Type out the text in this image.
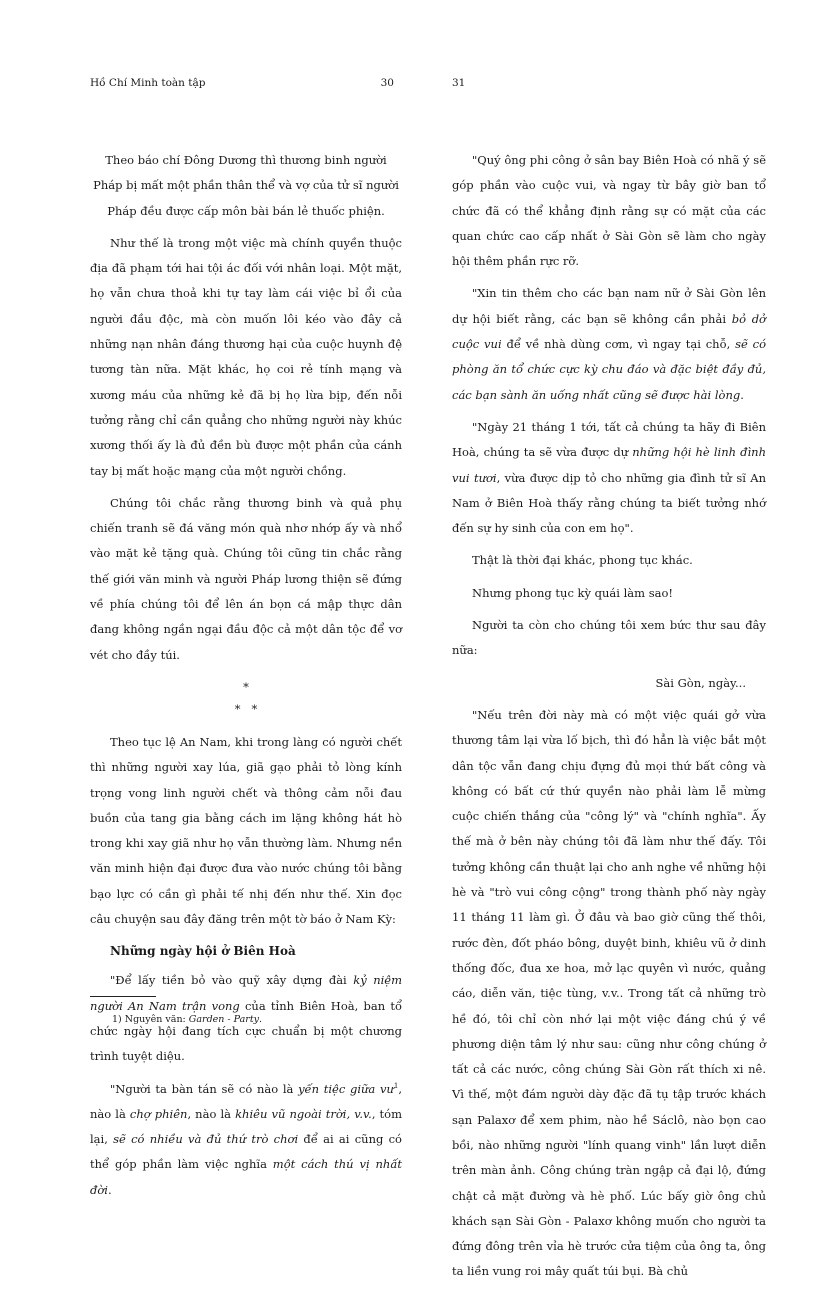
Hồ Chí Minh toàn tập	30

Theo báo chí Đông Dương thì thương binh người Pháp bị mất một phần thân thể và vợ của tử sĩ người Pháp đều được cấp môn bài bán lẻ thuốc phiện.

Như thế là trong một việc mà chính quyền thuộc địa đã phạm tới hai tội ác đối với nhân loại. Một mặt, họ vẫn chưa thoả khi tự tay làm cái việc bỉ ổi của người đầu độc, mà còn muốn lôi kéo vào đây cả những nạn nhân đáng thương hại của cuộc huynh đệ tương tàn nữa. Mặt khác, họ coi rẻ tính mạng và xương máu của những kẻ đã bị họ lừa bịp, đến nỗi tưởng rằng chỉ cần quẳng cho những người này khúc xương thối ấy là đủ đền bù được một phần của cánh tay bị mất hoặc mạng của một người chồng.

Chúng tôi chắc rằng thương binh và quả phụ chiến tranh sẽ đá văng món quà nhơ nhớp ấy và nhổ vào mặt kẻ tặng quà. Chúng tôi cũng tin chắc rằng thế giới văn minh và người Pháp lương thiện sẽ đứng về phía chúng tôi để lên án bọn cá mập thực dân đang không ngần ngại đầu độc cả một dân tộc để vơ vét cho đầy túi.

*
*   *

Theo tục lệ An Nam, khi trong làng có người chết thì những người xay lúa, giã gạo phải tỏ lòng kính trọng vong linh người chết và thông cảm nỗi đau buồn của tang gia bằng cách im lặng không hát hò trong khi xay giã như họ vẫn thường làm. Nhưng nền văn minh hiện đại được đưa vào nước chúng tôi bằng bạo lực có cần gì phải tế nhị đến như thế. Xin đọc câu chuyện sau đây đăng trên một tờ báo ở Nam Kỳ:

Những ngày hội ở Biên Hoà

"Để lấy tiền bỏ vào quỹ xây dựng đài kỷ niệm người An Nam trận vong của tỉnh Biên Hoà, ban tổ chức ngày hội đang tích cực chuẩn bị một chương trình tuyệt diệu.

"Người ta bàn tán sẽ có nào là yến tiệc giữa $vư^1$, nào là chợ phiên, nào là khiêu vũ ngoài trời, v.v., tóm lại, sẽ có nhiều và đủ thứ trò chơi để ai ai cũng có thể góp phần làm việc nghĩa một cách thú vị nhất đời.

1) Nguyên văn: Garden - Party.
31

"Quý ông phi công ở sân bay Biên Hoà có nhã ý sẽ góp phần vào cuộc vui, và ngay từ bây giờ ban tổ chức đã có thể khẳng định rằng sự có mặt của các quan chức cao cấp nhất ở Sài Gòn sẽ làm cho ngày hội thêm phần rực rỡ.

"Xin tin thêm cho các bạn nam nữ ở Sài Gòn lên dự hội biết rằng, các bạn sẽ không cần phải bỏ dở cuộc vui để về nhà dùng cơm, vì ngay tại chỗ, sẽ có phòng ăn tổ chức cực kỳ chu đáo và đặc biệt đầy đủ, các bạn sành ăn uống nhất cũng sẽ được hài lòng.

"Ngày 21 tháng 1 tới, tất cả chúng ta hãy đi Biên Hoà, chúng ta sẽ vừa được dự những hội hè linh đình vui tươi, vừa được dịp tỏ cho những gia đình tử sĩ An Nam ở Biên Hoà thấy rằng chúng ta biết tưởng nhớ đến sự hy sinh của con em họ".

Thật là thời đại khác, phong tục khác.

Nhưng phong tục kỳ quái làm sao!

Người ta còn cho chúng tôi xem bức thư sau đây nữa:

Sài Gòn, ngày...

"Nếu trên đời này mà có một việc quái gở vừa thương tâm lại vừa lố bịch, thì đó hẳn là việc bắt một dân tộc vẫn đang chịu đựng đủ mọi thứ bất công và không có bất cứ thứ quyền nào phải làm lễ mừng cuộc chiến thắng của "công lý" và "chính nghĩa". Ấy thế mà ở bên này chúng tôi đã làm như thế đấy. Tôi tưởng không cần thuật lại cho anh nghe về những hội hè và "trò vui công cộng" trong thành phố này ngày 11 tháng 11 làm gì. Ở đâu và bao giờ cũng thế thôi, rước đèn, đốt pháo bông, duyệt binh, khiêu vũ ở dinh thống đốc, đua xe hoa, mở lạc quyên vì nước, quảng cáo, diễn văn, tiệc tùng, v.v.. Trong tất cả những trò hề đó, tôi chỉ còn nhớ lại một việc đáng chú ý về phương diện tâm lý như sau: cũng như công chúng ở tất cả các nước, công chúng Sài Gòn rất thích xi nê. Vì thế, một đám người dày đặc đã tụ tập trước khách sạn Palaxơ để xem phim, nào hề Sáclô, nào bọn cao bồi, nào những người "lính quang vinh" lần lượt diễn trên màn ảnh. Công chúng tràn ngập cả đại lộ, đứng chật cả mặt đường và hè phố. Lúc bấy giờ ông chủ khách sạn Sài Gòn - Palaxơ không muốn cho người ta đứng đông trên vỉa hè trước cửa tiệm của ông ta, ông ta liền vung roi mây quất túi bụi. Bà chủ
